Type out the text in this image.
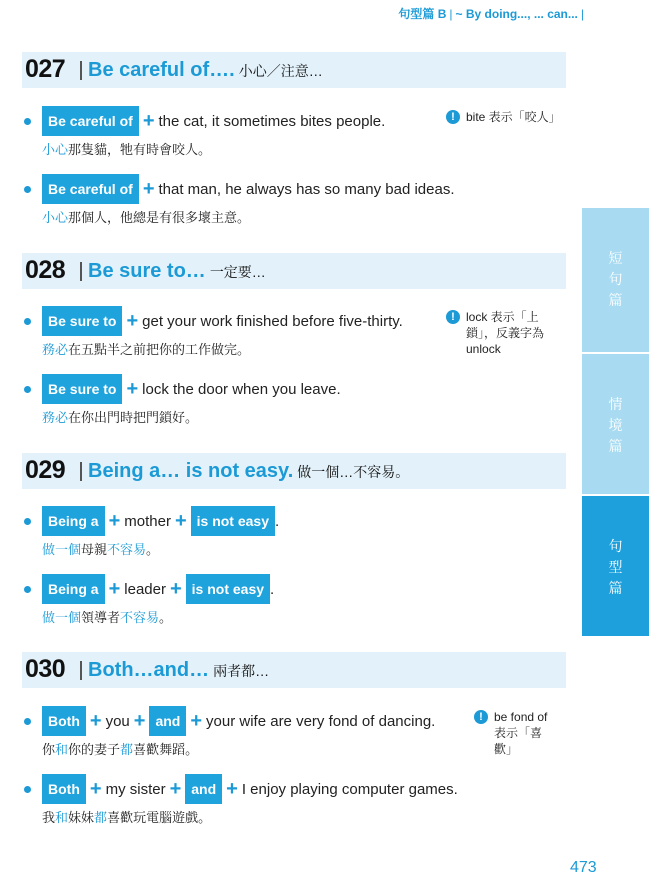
句型篇 B | ~ By doing..., ... can... |
027 Be careful of…. 小心／注意…
Be careful of + the cat, it sometimes bites people.
小心那隻貓，牠有時會咬人。
Be careful of + that man, he always has so many bad ideas.
小心那個人，他總是有很多壞主意。
! bite 表示「咬人」
028 Be sure to… 一定要…
Be sure to + get your work finished before five-thirty.
務必在五點半之前把你的工作做完。
Be sure to + lock the door when you leave.
務必在你出門時把門鎖好。
! lock 表示「上
鎖」，反義字為
unlock
029 Being a… is not easy. 做一個…不容易。
Being a + mother + is not easy .
做一個母親不容易。
Being a + leader + is not easy .
做一個領導者不容易。
030 Both…and… 兩者都…
Both + you + and + your wife are very fond of dancing.
你和你的妻子都喜歡舞蹈。
Both + my sister + and + I enjoy playing computer games.
我和妹妹都喜歡玩電腦遊戲。
! be fond of
表示「喜
歡」
短
句
篇
情
境
篇
句
型
篇
473
